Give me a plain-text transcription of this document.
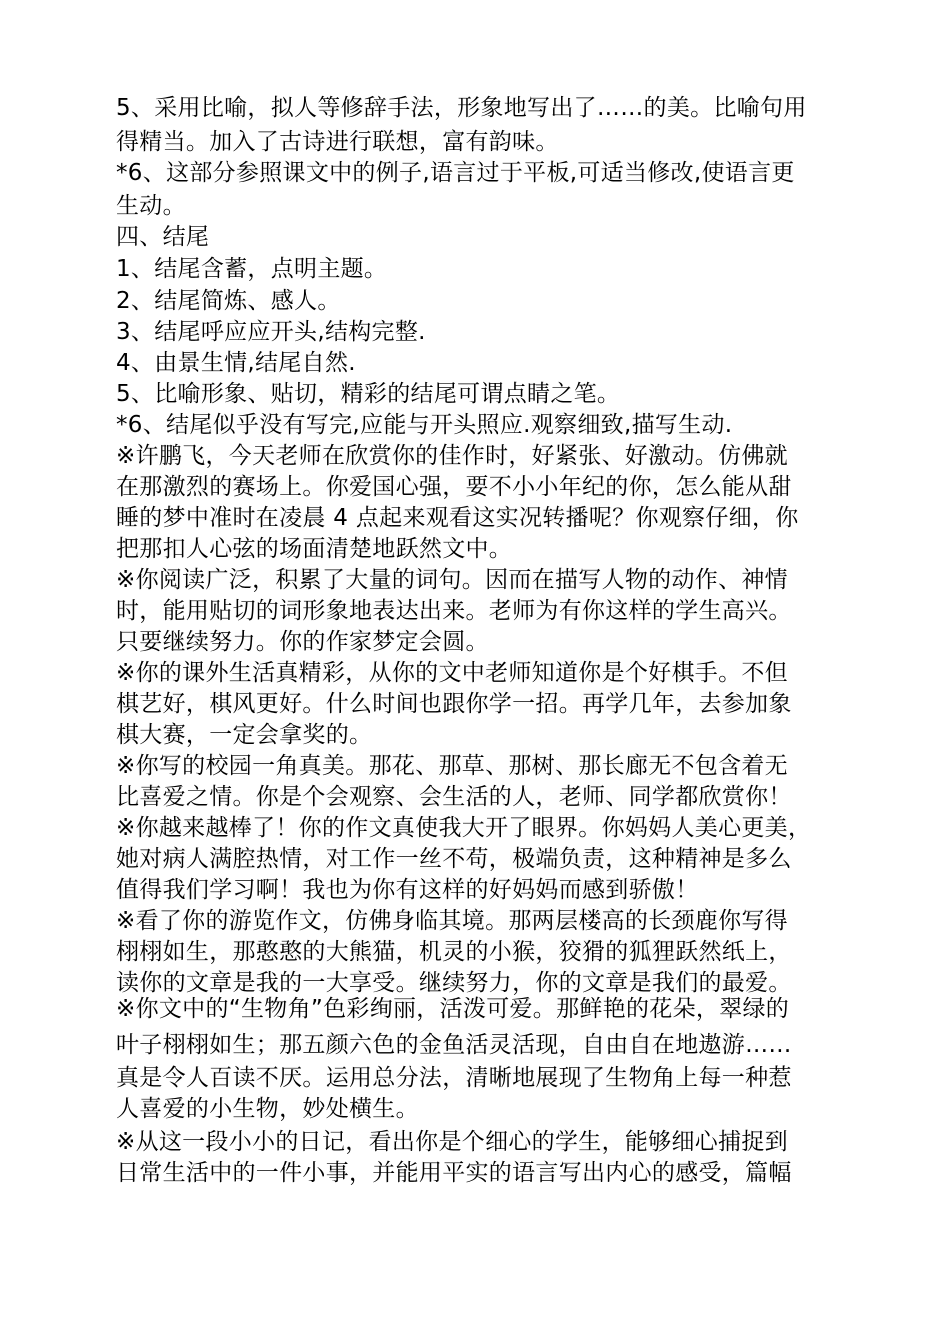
5、采用比喻，拟人等修辞手法，形象地写出了……的美。比喻句用

得精当。加入了古诗进行联想，富有韵味。

*6、这部分参照课文中的例子,语言过于平板,可适当修改,使语言更

生动。

四、结尾

1、结尾含蓄，点明主题。

2、结尾简炼、感人。

3、结尾呼应应开头,结构完整.

4、由景生情,结尾自然.

5、比喻形象、贴切，精彩的结尾可谓点睛之笔。

*6、结尾似乎没有写完,应能与开头照应.观察细致,描写生动.

※许鹏飞，今天老师在欣赏你的佳作时，好紧张、好激动。仿佛就

在那激烈的赛场上。你爱国心强，要不小小年纪的你，怎么能从甜

睡的梦中准时在凌晨 4 点起来观看这实况转播呢？你观察仔细，你

把那扣人心弦的场面清楚地跃然文中。

※你阅读广泛，积累了大量的词句。因而在描写人物的动作、神情

时，能用贴切的词形象地表达出来。老师为有你这样的学生高兴。

只要继续努力。你的作家梦定会圆。

※你的课外生活真精彩，从你的文中老师知道你是个好棋手。不但

棋艺好，棋风更好。什么时间也跟你学一招。再学几年，去参加象

棋大赛，一定会拿奖的。

※你写的校园一角真美。那花、那草、那树、那长廊无不包含着无

比喜爱之情。你是个会观察、会生活的人，老师、同学都欣赏你！

※你越来越棒了！你的作文真使我大开了眼界。你妈妈人美心更美，

她对病人满腔热情，对工作一丝不苟，极端负责，这种精神是多么

值得我们学习啊！我也为你有这样的好妈妈而感到骄傲！

※看了你的游览作文，仿佛身临其境。那两层楼高的长颈鹿你写得

栩栩如生，那憨憨的大熊猫，机灵的小猴，狡猾的狐狸跃然纸上，

读你的文章是我的一大享受。继续努力，你的文章是我们的最爱。

※你文中的“生物角”色彩绚丽，活泼可爱。那鲜艳的花朵，翠绿的

叶子栩栩如生；那五颜六色的金鱼活灵活现，自由自在地遨游……

真是令人百读不厌。运用总分法，清晰地展现了生物角上每一种惹

人喜爱的小生物，妙处横生。

※从这一段小小的日记，看出你是个细心的学生，能够细心捕捉到

日常生活中的一件小事，并能用平实的语言写出内心的感受，篇幅
